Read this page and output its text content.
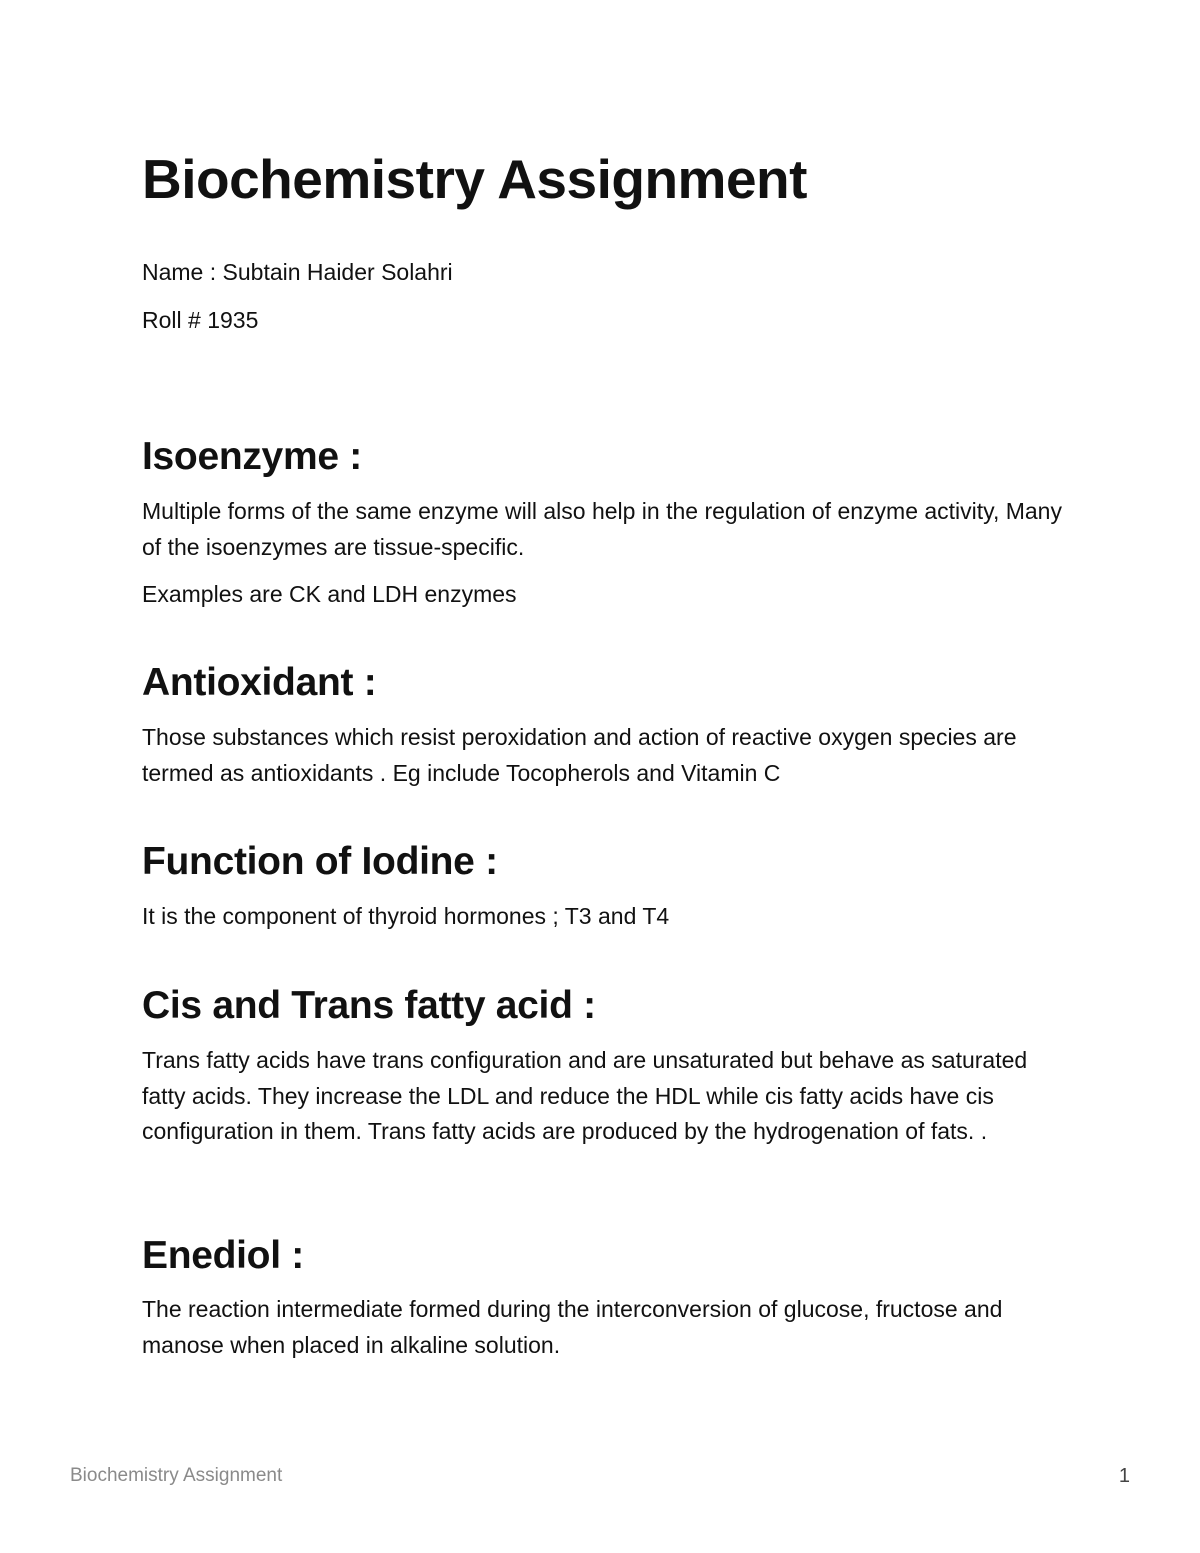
Biochemistry Assignment

Name : Subtain Haider Solahri

Roll # 1935

Isoenzyme :

Multiple forms of the same enzyme will also help in the regulation of enzyme activity, Many of the isoenzymes are tissue-specific.

Examples are CK and LDH enzymes

Antioxidant :

Those substances which resist peroxidation and action of reactive oxygen species are termed as antioxidants . Eg include Tocopherols and Vitamin C

Function of Iodine :

It is the component of thyroid hormones ; T3 and T4

Cis and Trans fatty acid :

Trans fatty acids have trans configuration and are unsaturated but behave as saturated fatty acids. They increase the LDL and reduce the HDL while cis fatty acids have cis configuration in them. Trans fatty acids are produced by the hydrogenation of fats. .

Enediol :

The reaction intermediate formed during the interconversion of glucose, fructose and manose when placed in alkaline solution.

Biochemistry Assignment	1
